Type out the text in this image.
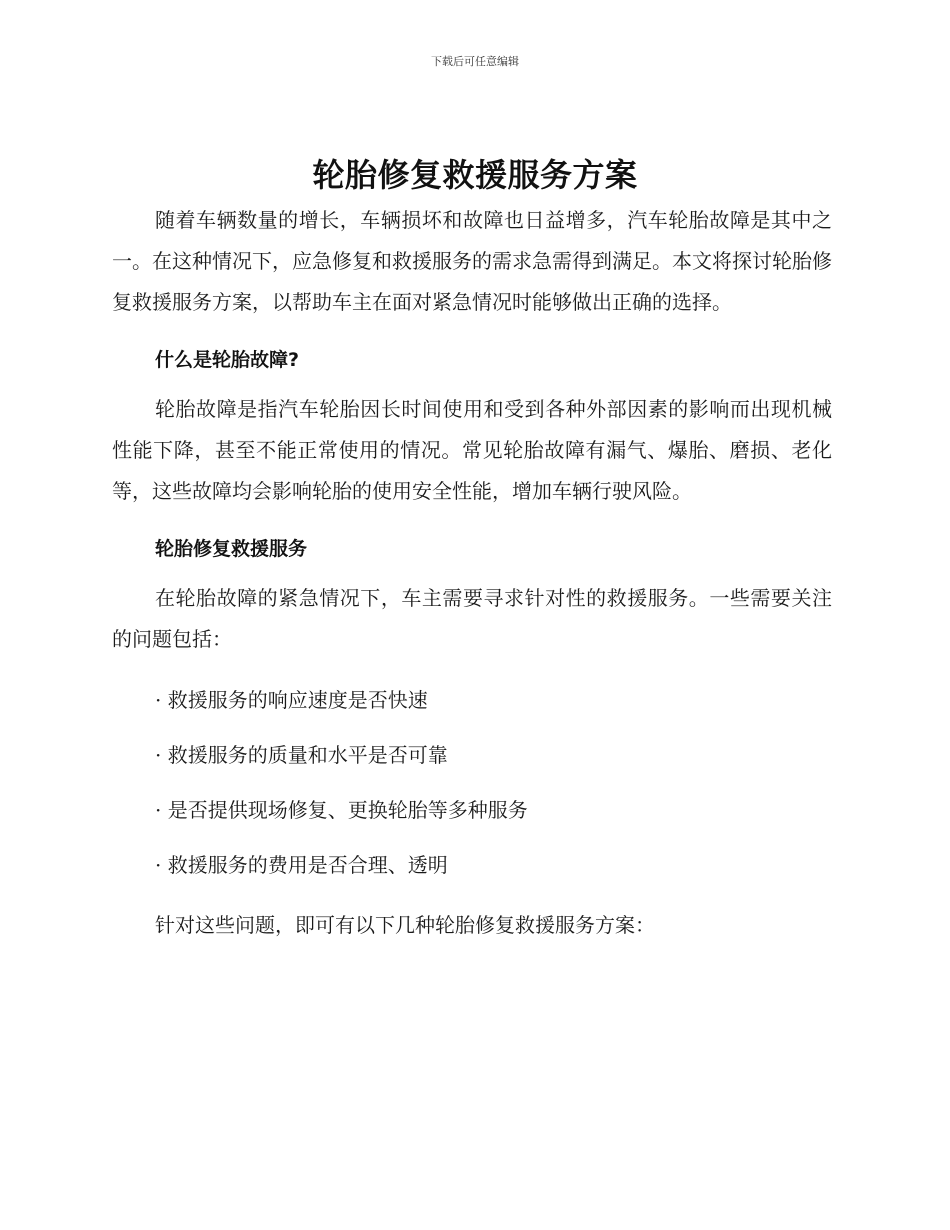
下载后可任意编辑
轮胎修复救援服务方案

随着车辆数量的增长，车辆损坏和故障也日益增多，汽车轮胎故障是其中之一。在这种情况下，应急修复和救援服务的需求急需得到满足。本文将探讨轮胎修复救援服务方案，以帮助车主在面对紧急情况时能够做出正确的选择。

什么是轮胎故障?

轮胎故障是指汽车轮胎因长时间使用和受到各种外部因素的影响而出现机械性能下降，甚至不能正常使用的情况。常见轮胎故障有漏气、爆胎、磨损、老化等，这些故障均会影响轮胎的使用安全性能，增加车辆行驶风险。

轮胎修复救援服务

在轮胎故障的紧急情况下，车主需要寻求针对性的救援服务。一些需要关注的问题包括：

· 救援服务的响应速度是否快速

· 救援服务的质量和水平是否可靠

· 是否提供现场修复、更换轮胎等多种服务

· 救援服务的费用是否合理、透明

针对这些问题，即可有以下几种轮胎修复救援服务方案：
